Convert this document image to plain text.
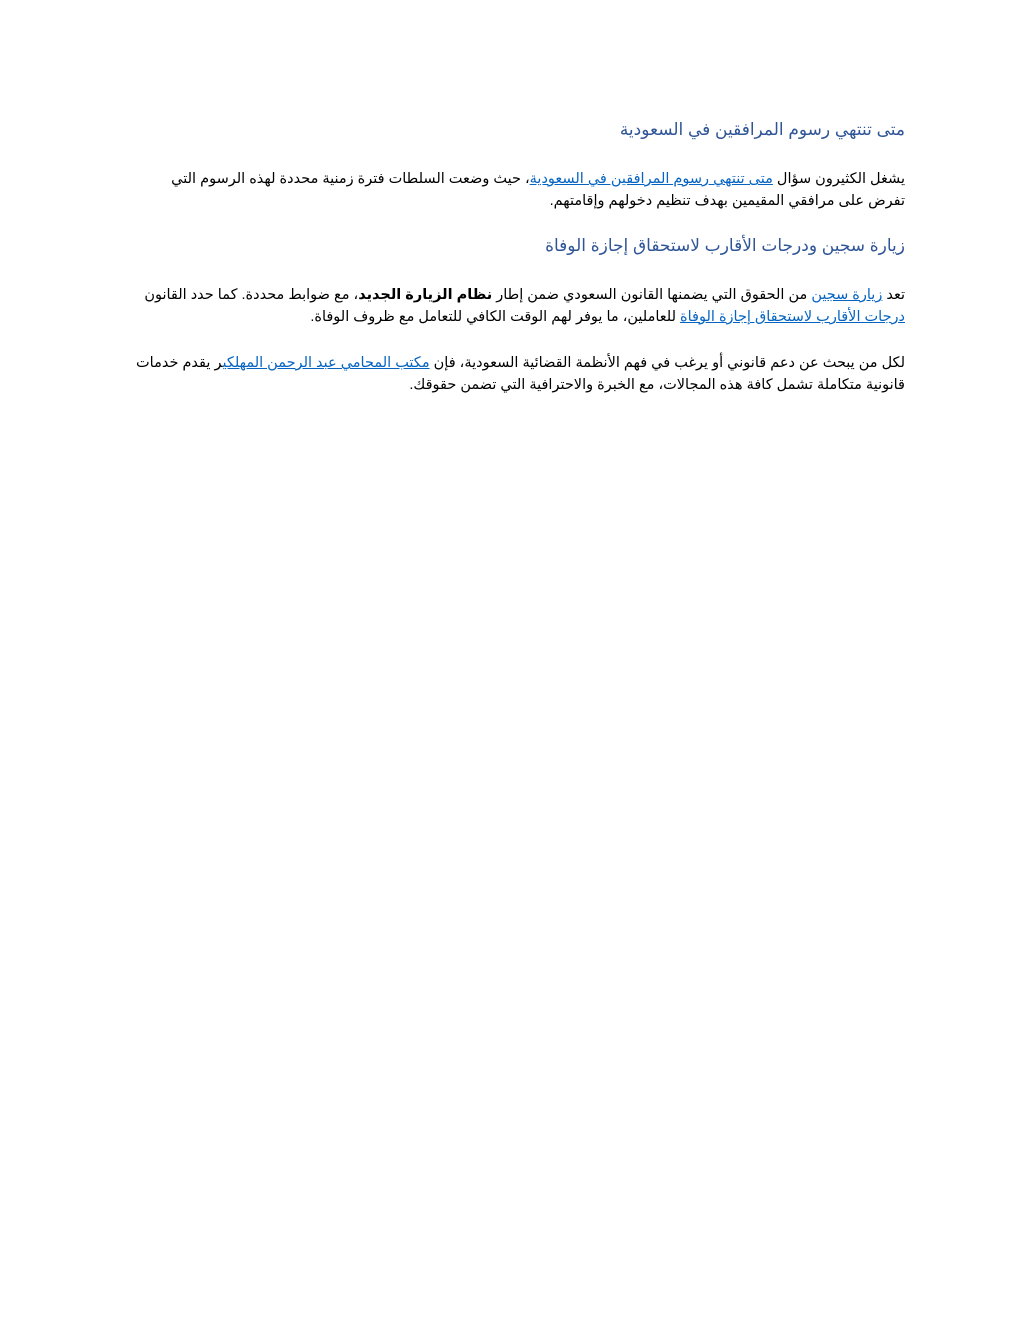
متى تنتهي رسوم المرافقين في السعودية

يشغل الكثيرون سؤال متى تنتهي رسوم المرافقين في السعودية، حيث وضعت السلطات فترة زمنية محددة لهذه الرسوم التي تفرض على مرافقي المقيمين بهدف تنظيم دخولهم وإقامتهم.

زيارة سجين ودرجات الأقارب لاستحقاق إجازة الوفاة

تعد زيارة سجين من الحقوق التي يضمنها القانون السعودي ضمن إطار نظام الزيارة الجديد، مع ضوابط محددة. كما حدد القانون درجات الأقارب لاستحقاق إجازة الوفاة للعاملين، ما يوفر لهم الوقت الكافي للتعامل مع ظروف الوفاة.

لكل من يبحث عن دعم قانوني أو يرغب في فهم الأنظمة القضائية السعودية، فإن مكتب المحامي عبد الرحمن المهلكير يقدم خدمات قانونية متكاملة تشمل كافة هذه المجالات، مع الخبرة والاحترافية التي تضمن حقوقك.
